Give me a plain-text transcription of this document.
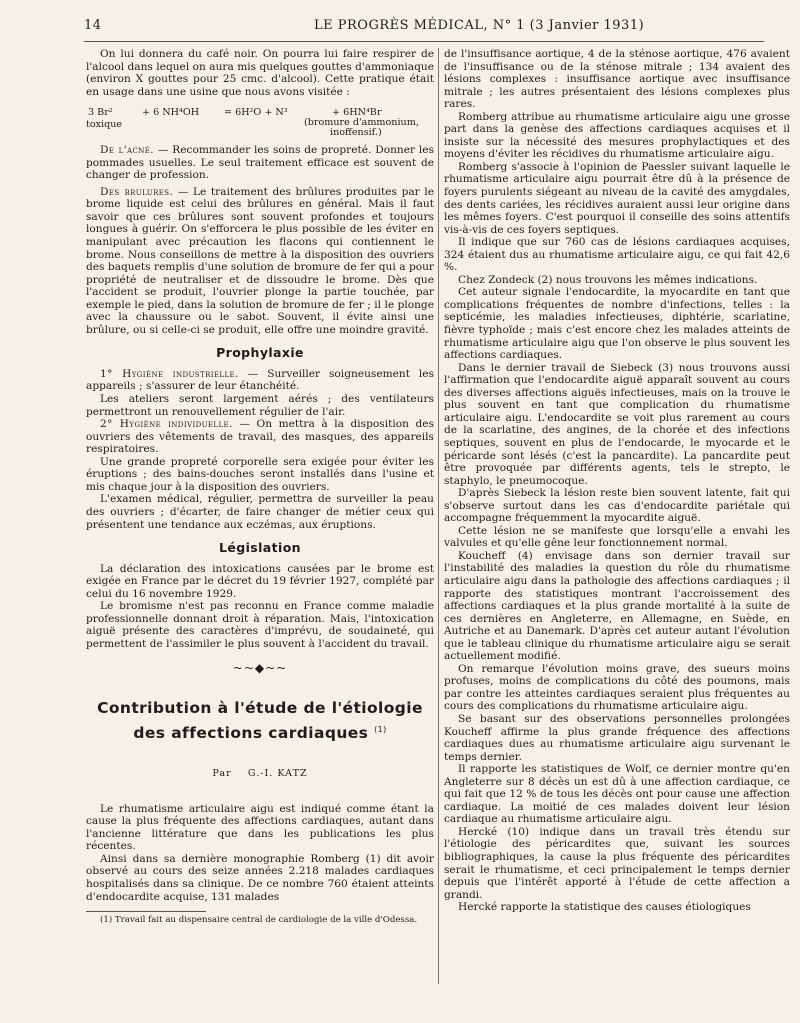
14	LE PROGRÈS MÉDICAL, N° 1 (3 Janvier 1931)

On lui donnera du café noir. On pourra lui faire respirer de l'alcool dans lequel on aura mis quelques gouttes d'ammoniaque (environ X gouttes pour 25 cmc. d'alcool). Cette pratique était en usage dans une usine que nous avons visitée :

3 Br²
toxique
+ 6 NH⁴OH	= 6H²O + N³	+ 6HN⁴Br
(bromure d'ammonium,
inoffensif.)

De l'acné. — Recommander les soins de propreté. Donner les pommades usuelles. Le seul traitement efficace est souvent de changer de profession.

Des brulures. — Le traitement des brûlures produites par le brome liquide est celui des brûlures en général. Mais il faut savoir que ces brûlures sont souvent profondes et toujours longues à guérir. On s'efforcera le plus possible de les éviter en manipulant avec précaution les flacons qui contiennent le brome. Nous conseillons de mettre à la disposition des ouvriers des baquets remplis d'une solution de bromure de fer qui a pour propriété de neutraliser et de dissoudre le brome. Dès que l'accident se produit, l'ouvrier plonge la partie touchée, par exemple le pied, dans la solution de bromure de fer ; il le plonge avec la chaussure ou le sabot. Souvent, il évite ainsi une brûlure, ou si celle-ci se produit, elle offre une moindre gravité.

Prophylaxie

1° Hygiène industrielle. — Surveiller soigneusement les appareils ; s'assurer de leur étanchéité.

Les ateliers seront largement aérés ; des ventilateurs permettront un renouvellement régulier de l'air.

2° Hygiène individuelle. — On mettra à la disposition des ouvriers des vêtements de travail, des masques, des appareils respiratoires.

Une grande propreté corporelle sera exigée pour éviter les éruptions ; des bains-douches seront installés dans l'usine et mis chaque jour à la disposition des ouvriers.

L'examen médical, régulier, permettra de surveiller la peau des ouvriers ; d'écarter, de faire changer de métier ceux qui présentent une tendance aux eczémas, aux éruptions.

Législation

La déclaration des intoxications causées par le brome est exigée en France par le décret du 19 février 1927, complété par celui du 16 novembre 1929.

Le bromisme n'est pas reconnu en France comme maladie professionnelle donnant droit à réparation. Mais, l'intoxication aiguë présente des caractères d'imprévu, de soudaineté, qui permettent de l'assimiler le plus souvent à l'accident du travail.

~~◆~~
Contribution à l'étude de l'étiologie
des affections cardiaques $^{(1)}$
Par G.-I. KATZ

Le rhumatisme articulaire aigu est indiqué comme étant la cause la plus fréquente des affections cardiaques, autant dans l'ancienne littérature que dans les publications les plus récentes.

Ainsi dans sa dernière monographie Romberg (1) dit avoir observé au cours des seize années 2.218 malades cardiaques hospitalisés dans sa clinique. De ce nombre 760 étaient atteints d'endocardite acquise, 131 malades

(1) Travail fait au dispensaire central de cardiologie de la ville d'Odessa.

de l'insuffisance aortique, 4 de la sténose aortique, 476 avaient de l'insuffisance ou de la sténose mitrale ; 134 avaient des lésions complexes : insuffisance aortique avec insuffisance mitrale ; les autres présentaient des lésions complexes plus rares.

Romberg attribue au rhumatisme articulaire aigu une grosse part dans la genèse des affections cardiaques acquises et il insiste sur la nécessité des mesures prophylactiques et des moyens d'éviter les récidives du rhumatisme articulaire aigu.

Romberg s'associe à l'opinion de Paessler suivant laquelle le rhumatisme articulaire aigu pourrait être dû à la présence de foyers purulents siégeant au niveau de la cavité des amygdales, des dents cariées, les récidives auraient aussi leur origine dans les mêmes foyers. C'est pourquoi il conseille des soins attentifs vis-à-vis de ces foyers septiques.

Il indique que sur 760 cas de lésions cardiaques acquises, 324 étaient dus au rhumatisme articulaire aigu, ce qui fait 42,6 %.

Chez Zondeck (2) nous trouvons les mêmes indications.

Cet auteur signale l'endocardite, la myocardite en tant que complications fréquentes de nombre d'infections, telles : la septicémie, les maladies infectieuses, diphtérie, scarlatine, fièvre typhoïde ; mais c'est encore chez les malades atteints de rhumatisme articulaire aigu que l'on observe le plus souvent les affections cardiaques.

Dans le dernier travail de Siebeck (3) nous trouvons aussi l'affirmation que l'endocardite aiguë apparaît souvent au cours des diverses affections aiguës infectieuses, mais on la trouve le plus souvent en tant que complication du rhumatisme articulaire aigu. L'endocardite se voit plus rarement au cours de la scarlatine, des angines, de la chorée et des infections septiques, souvent en plus de l'endocarde, le myocarde et le péricarde sont lésés (c'est la pancardite). La pancardite peut être provoquée par différents agents, tels le strepto, le staphylo, le pneumocoque.

D'après Siebeck la lésion reste bien souvent latente, fait qui s'observe surtout dans les cas d'endocardite pariétale qui accompagne fréquemment la myocardite aiguë.

Cette lésion ne se manifeste que lorsqu'elle a envahi les valvules et qu'elle gêne leur fonctionnement normal.

Koucheff (4) envisage dans son dernier travail sur l'instabilité des maladies la question du rôle du rhumatisme articulaire aigu dans la pathologie des affections cardiaques ; il rapporte des statistiques montrant l'accroissement des affections cardiaques et la plus grande mortalité à la suite de ces dernières en Angleterre, en Allemagne, en Suède, en Autriche et au Danemark. D'après cet auteur autant l'évolution que le tableau clinique du rhumatisme articulaire aigu se serait actuellement modifié.

On remarque l'évolution moins grave, des sueurs moins profuses, moins de complications du côté des poumons, mais par contre les atteintes cardiaques seraient plus fréquentes au cours des complications du rhumatisme articulaire aigu.

Se basant sur des observations personnelles prolongées Koucheff affirme la plus grande fréquence des affections cardiaques dues au rhumatisme articulaire aigu survenant le temps dernier.

Il rapporte les statistiques de Wolf, ce dernier montre qu'en Angleterre sur 8 décès un est dû à une affection cardiaque, ce qui fait que 12 % de tous les décès ont pour cause une affection cardiaque. La moitié de ces malades doivent leur lésion cardiaque au rhumatisme articulaire aigu.

Hercké (10) indique dans un travail très étendu sur l'étiologie des péricardites que, suivant les sources bibliographiques, la cause la plus fréquente des péricardites serait le rhumatisme, et ceci principalement le temps dernier depuis que l'intérêt apporté à l'étude de cette affection a grandi.

Hercké rapporte la statistique des causes étiologiques
